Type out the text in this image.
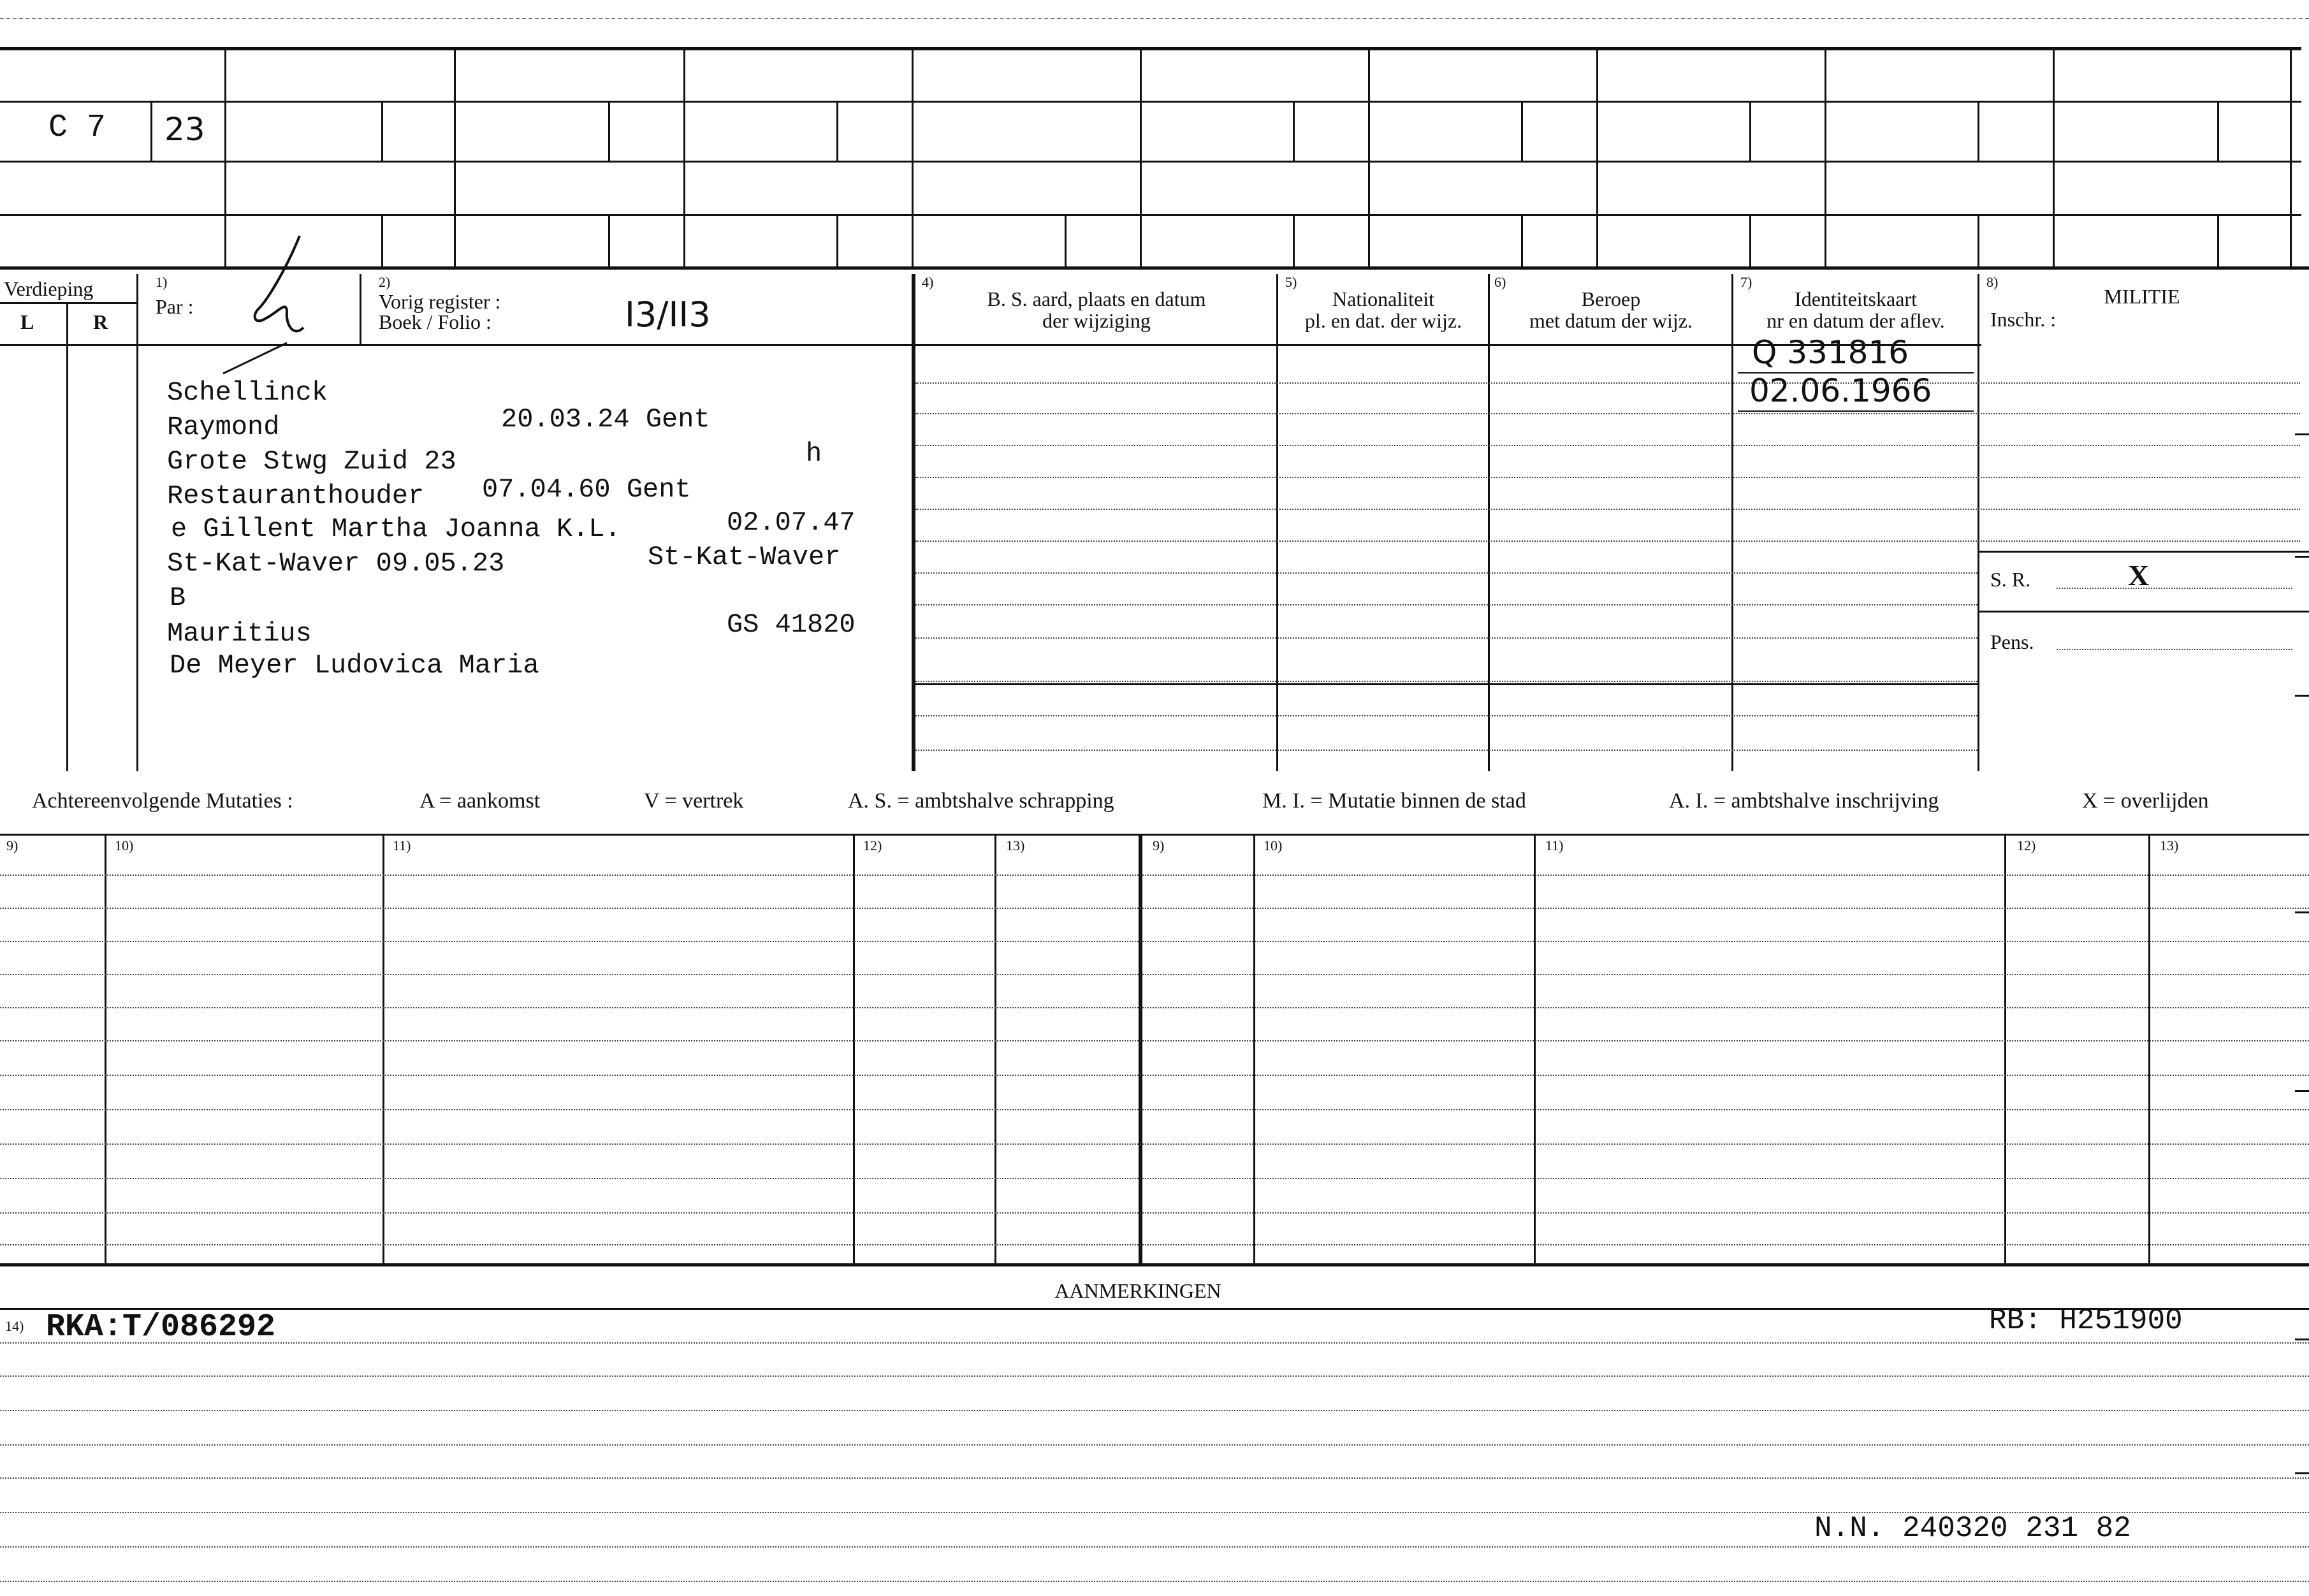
C 7 23
Verdieping
L	R
1)
Par :
2)
Vorig register :
Boek / Folio :	I3/II3
4)
B. S. aard, plaats en datum
der wijziging
5)
Nationaliteit
pl. en dat. der wijz.
6)
Beroep
met datum der wijz.
7)
Identiteitskaart
nr en datum der aflev.
8)
MILITIE
Inschr. :
Schellinck
Raymond	20.03.24 Gent
Grote Stwg Zuid 23	h
Restauranthouder 07.04.60 Gent
e Gillent Martha Joanna K.L.	02.07.47
St-Kat-Waver 09.05.23	St-Kat-Waver
B
Mauritius	GS 41820
De Meyer Ludovica Maria
Q 331816
02.06.1966
S. R.	X
Pens.
Achtereenvolgende Mutaties :	A = aankomst	V = vertrek	A. S. = ambtshalve schrapping	M. I. = Mutatie binnen de stad	A. I. = ambtshalve inschrijving	X = overlijden
9)	10)	11)	12)	13)	9)	10)	11)	12)	13)
AANMERKINGEN
14) RKA:T/086292	RB: H251900
N.N. 240320 231 82
